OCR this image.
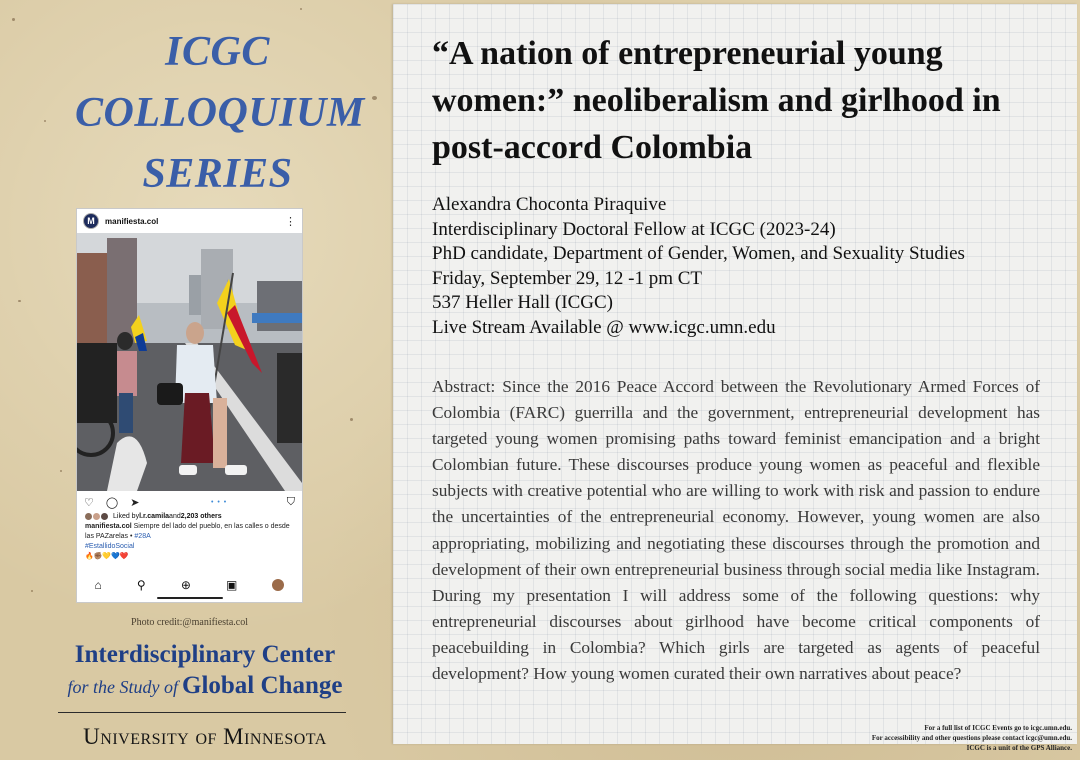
ICGC
COLLOQUIUM
SERIES
M	manifiesta.col	⋮
♡ ◯ ➤	• • •	⛉
Liked by l.r.camila and 2,203 others
manifiesta.col Siempre del lado del pueblo, en las calles o desde las PAZarelas • #28A
#EstallidoSocial
🔥✊🏽💛💙❤️
⌂	⚲	⊕	▣
Photo credit:@manifiesta.col
Interdisciplinary Center
for the Study of Global Change
University of Minnesota
“A nation of entrepreneurial young women:” neoliberalism and girlhood in post-accord Colombia
Alexandra Choconta Piraquive
Interdisciplinary Doctoral Fellow at ICGC (2023-24)
PhD candidate, Department of Gender, Women, and Sexuality Studies
Friday, September 29, 12 -1 pm CT
537 Heller Hall (ICGC)
Live Stream Available @ www.icgc.umn.edu
Abstract: Since the 2016 Peace Accord between the Revolutionary Armed Forces of Colombia (FARC) guerrilla and the government, entrepreneurial development has targeted young women promising paths toward feminist emancipation and a bright Colombian future. These discourses produce young women as peaceful and flexible subjects with creative potential who are willing to work with risk and passion to endure the uncertainties of the entrepreneurial economy. However, young women are also appropriating, mobilizing and negotiating these discourses through the promotion and development of their own entrepreneurial business through social media like Instagram. During my presentation I will address some of the following questions: why entrepreneurial discourses about girlhood have become critical components of peacebuilding in Colombia? Which girls are targeted as agents of peaceful development? How young women curated their own narratives about peace?
For a full list of ICGC Events go to icgc.umn.edu.
For accessibility and other questions please contact icgc@umn.edu.
ICGC is a unit of the GPS Alliance.
